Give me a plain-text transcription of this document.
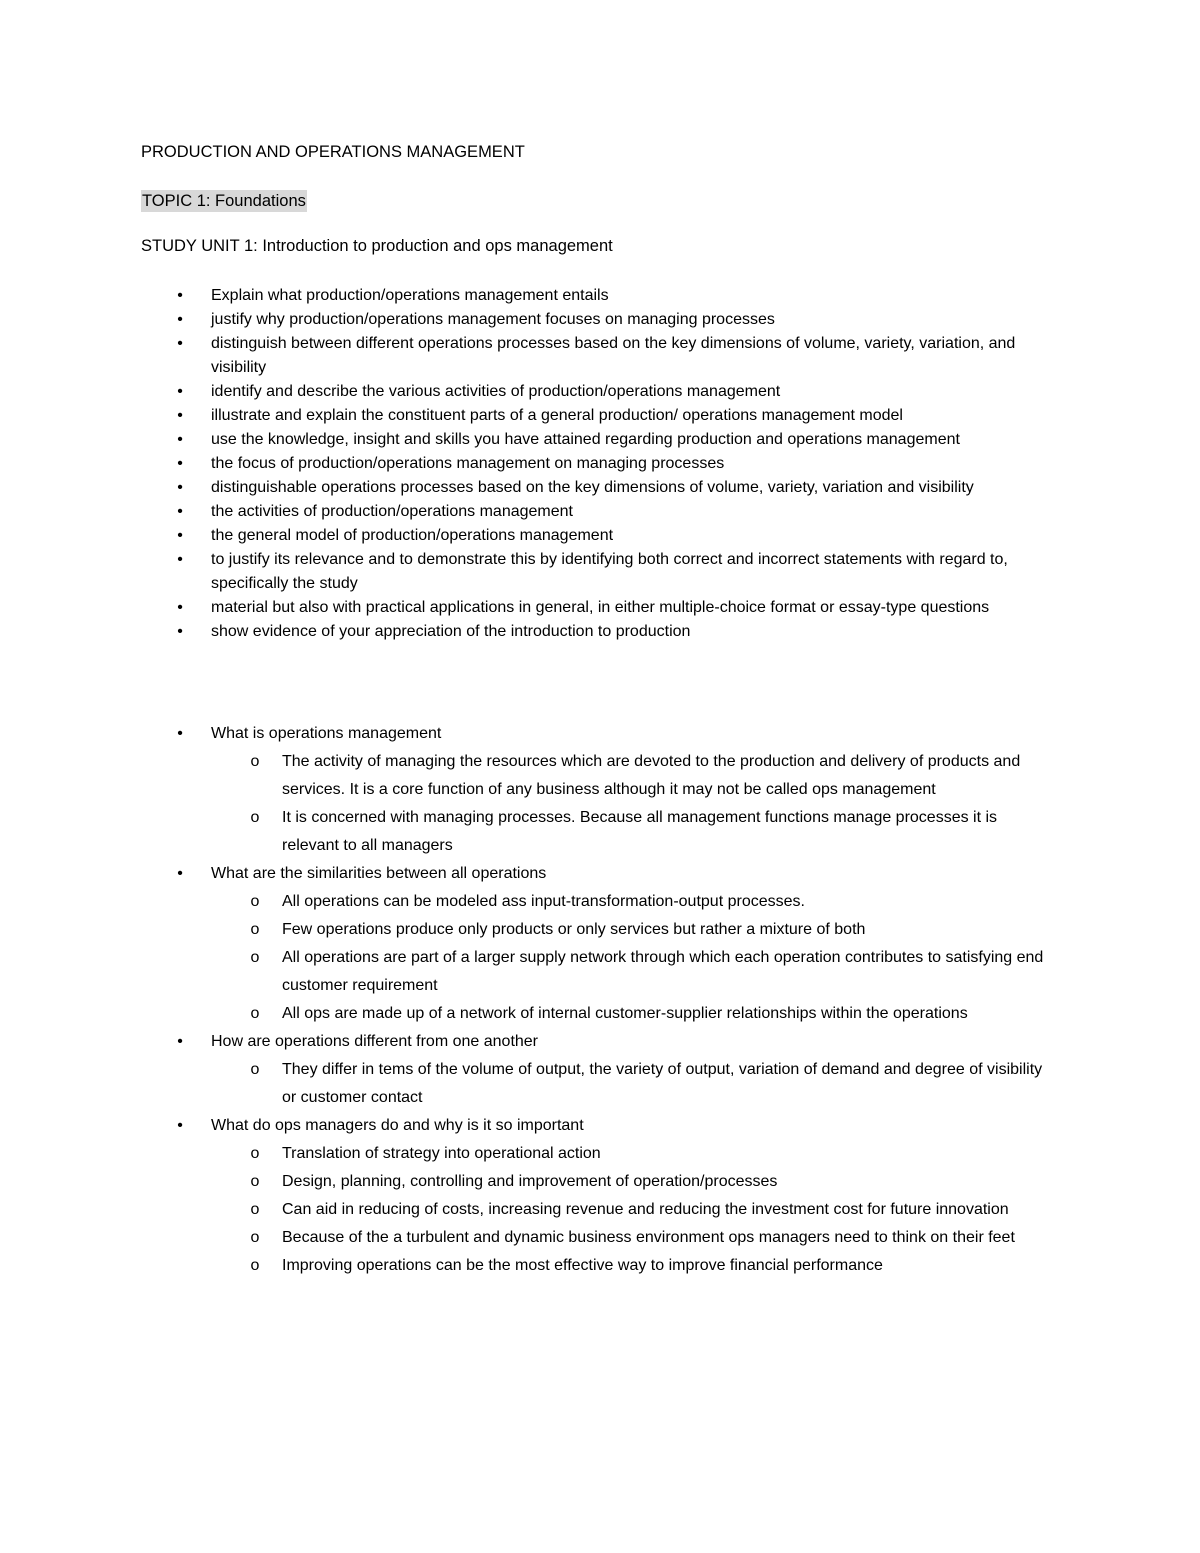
PRODUCTION AND OPERATIONS MANAGEMENT
TOPIC 1: Foundations
STUDY UNIT 1: Introduction to production and ops management
• Explain what production/operations management entails
• justify why production/operations management focuses on managing processes
• distinguish between different operations processes based on the key dimensions of volume, variety, variation, and visibility
• identify and describe the various activities of production/operations management
• illustrate and explain the constituent parts of a general production/ operations management model
• use the knowledge, insight and skills you have attained regarding production and operations management
• the focus of production/operations management on managing processes
• distinguishable operations processes based on the key dimensions of volume, variety, variation and visibility
• the activities of production/operations management
• the general model of production/operations management
• to justify its relevance and to demonstrate this by identifying both correct and incorrect statements with regard to, specifically the study
• material but also with practical applications in general, in either multiple-choice format or essay-type questions
• show evidence of your appreciation of the introduction to production
• What is operations management
o The activity of managing the resources which are devoted to the production and delivery of products and services. It is a core function of any business although it may not be called ops management
o It is concerned with managing processes. Because all management functions manage processes it is relevant to all managers
• What are the similarities between all operations
o All operations can be modeled ass input-transformation-output processes.
o Few operations produce only products or only services but rather a mixture of both
o All operations are part of a larger supply network through which each operation contributes to satisfying end customer requirement
o All ops are made up of a network of internal customer-supplier relationships within the operations
• How are operations different from one another
o They differ in tems of the volume of output, the variety of output, variation of demand and degree of visibility or customer contact
• What do ops managers do and why is it so important
o Translation of strategy into operational action
o Design, planning, controlling and improvement of operation/processes
o Can aid in reducing of costs, increasing revenue and reducing the investment cost for future innovation
o Because of the a turbulent and dynamic business environment ops managers need to think on their feet
o Improving operations can be the most effective way to improve financial performance
